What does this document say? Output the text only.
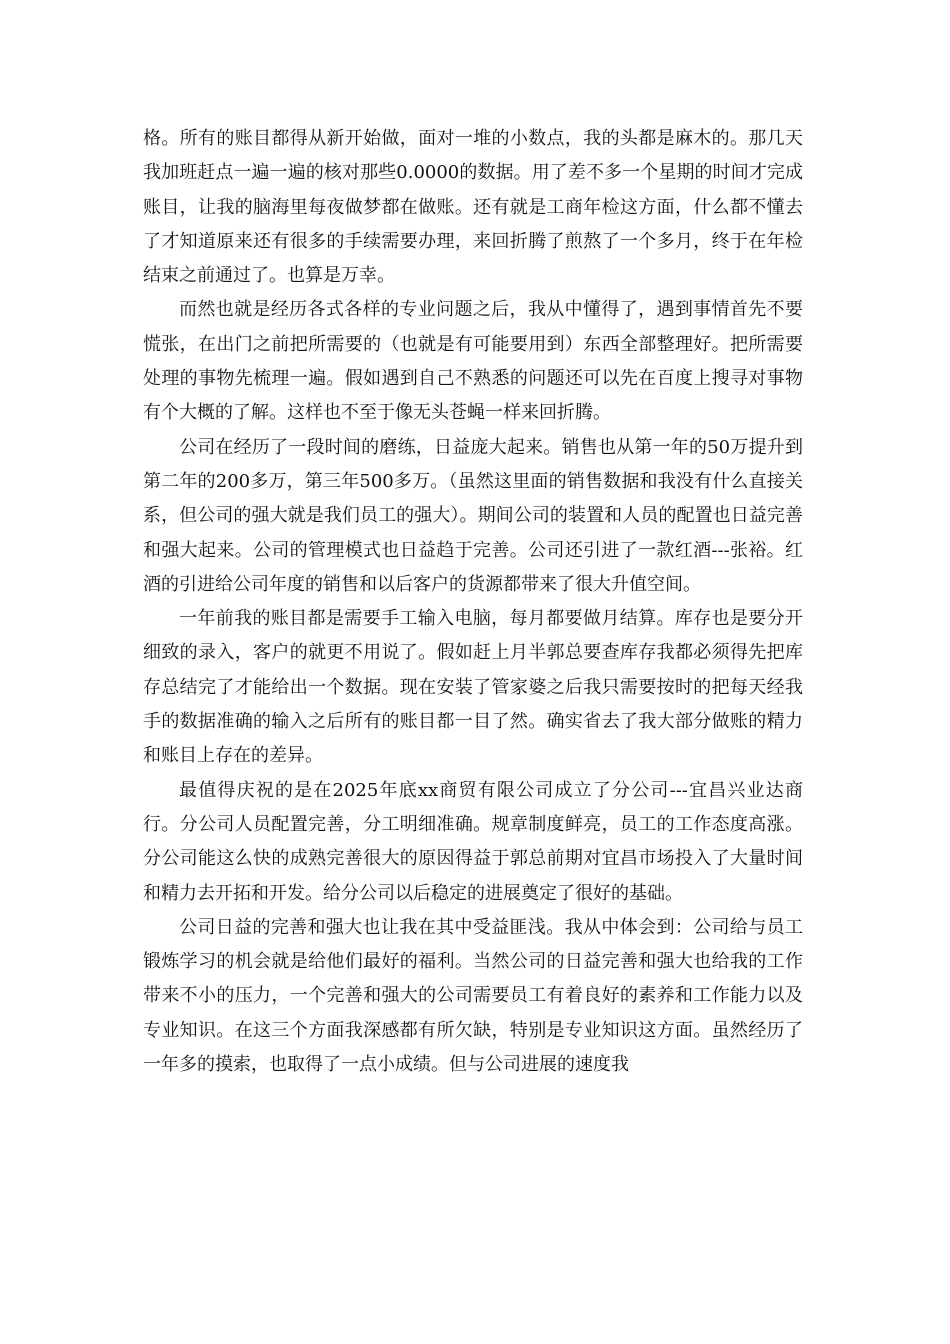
格。所有的账目都得从新开始做，面对一堆的小数点，我的头都是麻木的。那几天我加班赶点一遍一遍的核对那些0.0000的数据。用了差不多一个星期的时间才完成账目，让我的脑海里每夜做梦都在做账。还有就是工商年检这方面，什么都不懂去了才知道原来还有很多的手续需要办理，来回折腾了煎熬了一个多月，终于在年检结束之前通过了。也算是万幸。

而然也就是经历各式各样的专业问题之后，我从中懂得了，遇到事情首先不要慌张，在出门之前把所需要的（也就是有可能要用到）东西全部整理好。把所需要处理的事物先梳理一遍。假如遇到自己不熟悉的问题还可以先在百度上搜寻对事物有个大概的了解。这样也不至于像无头苍蝇一样来回折腾。

公司在经历了一段时间的磨练，日益庞大起来。销售也从第一年的50万提升到第二年的200多万，第三年500多万。（虽然这里面的销售数据和我没有什么直接关系，但公司的强大就是我们员工的强大）。期间公司的装置和人员的配置也日益完善和强大起来。公司的管理模式也日益趋于完善。公司还引进了一款红酒---张裕。红酒的引进给公司年度的销售和以后客户的货源都带来了很大升值空间。

一年前我的账目都是需要手工输入电脑，每月都要做月结算。库存也是要分开细致的录入，客户的就更不用说了。假如赶上月半郭总要查库存我都必须得先把库存总结完了才能给出一个数据。现在安装了管家婆之后我只需要按时的把每天经我手的数据准确的输入之后所有的账目都一目了然。确实省去了我大部分做账的精力和账目上存在的差异。

最值得庆祝的是在2025年底xx商贸有限公司成立了分公司---宜昌兴业达商行。分公司人员配置完善，分工明细准确。规章制度鲜亮，员工的工作态度高涨。分公司能这么快的成熟完善很大的原因得益于郭总前期对宜昌市场投入了大量时间和精力去开拓和开发。给分公司以后稳定的进展奠定了很好的基础。

公司日益的完善和强大也让我在其中受益匪浅。我从中体会到：公司给与员工锻炼学习的机会就是给他们最好的福利。当然公司的日益完善和强大也给我的工作带来不小的压力，一个完善和强大的公司需要员工有着良好的素养和工作能力以及专业知识。在这三个方面我深感都有所欠缺，特别是专业知识这方面。虽然经历了一年多的摸索，也取得了一点小成绩。但与公司进展的速度我
